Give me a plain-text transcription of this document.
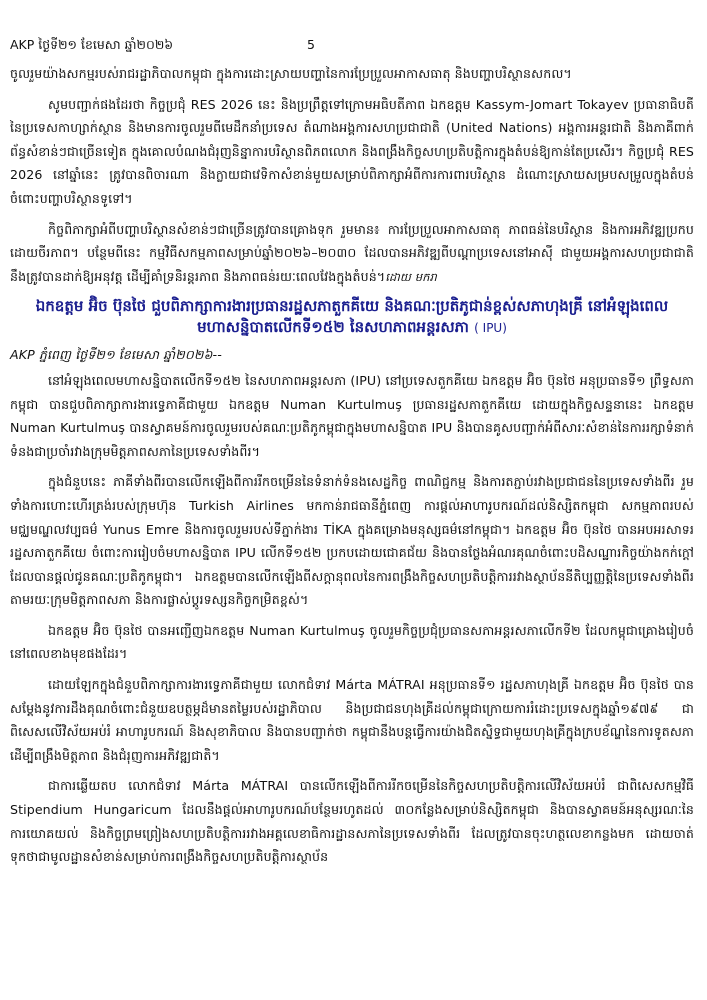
AKP ថ្ងៃទី២១ ខែមេសា ឆ្នាំ២០២៦	5

ចូលរួមយ៉ាងសកម្មរបស់រាជរដ្ឋាភិបាលកម្ពុជា ក្នុងការដោះស្រាយបញ្ហានៃការប្រែប្រួលអាកាសធាតុ និងបញ្ហាបរិស្ថានសកល។

សូមបញ្ជាក់ផងដែរថា កិច្ចប្រជុំ RES 2026 នេះ និងប្រព្រឹត្តទៅក្រោមអធិបតីភាព ឯកឧត្តម Kassym-Jomart Tokayev ប្រធានាធិបតីនៃប្រទេសកាហ្សាក់ស្ថាន និងមានការចូលរួមពីមេដឹកនាំប្រទេស តំណាងអង្គការសហប្រជាជាតិ (United Nations) អង្គការអន្តរជាតិ និងភាគីពាក់ព័ន្ធសំខាន់ៗជាច្រើនទៀត ក្នុងគោលបំណងជំរុញនិន្នាការបរិស្ថានពិភពលោក និងពង្រឹងកិច្ចសហប្រតិបត្តិការក្នុងតំបន់ឱ្យកាន់តែប្រសើរ។ កិច្ចប្រជុំ RES 2026 នៅឆ្នាំនេះ ត្រូវបានពិចារណា និងក្លាយជាវេទិកាសំខាន់មួយសម្រាប់ពិភាក្សាអំពីការការពារបរិស្ថាន ដំណោះស្រាយសម្របសម្រួលក្នុងតំបន់ ចំពោះបញ្ហាបរិស្ថានទូទៅ។

កិច្ចពិភាក្សាអំពីបញ្ហាបរិស្ថានសំខាន់ៗជាច្រើនត្រូវបានគ្រោងទុក រួមមាន៖ ការប្រែប្រួលអាកាសធាតុ ភាពធន់នៃបរិស្ថាន និងការអភិវឌ្ឍប្រកបដោយចីរភាព។ បន្ថែមពីនេះ កម្មវិធីសកម្មភាពសម្រាប់ឆ្នាំ២០២៦–២០៣០ ដែលបានអភិវឌ្ឍពីបណ្តាប្រទេសនៅអាស៊ី ជាមួយអង្គការសហប្រជាជាតិនឹងត្រូវបានដាក់ឱ្យអនុវត្ត ដើម្បីគាំទ្រនិរន្តរភាព និងភាពធន់រយៈពេលវែងក្នុងតំបន់។ដោយ មករា

ឯកឧត្តម អ៊ិច ប៊ុនថៃ ជួបពិភាក្សាការងារប្រធានរដ្ឋសភាតួកគីយេ និងគណៈប្រតិភូជាន់ខ្ពស់សភាហុងគ្រី នៅអំឡុងពេលមហាសន្និបាតលើកទី១៥២ នៃសហភាពអន្តរសភា ( IPU)

AKP ភ្នំពេញ ថ្ងៃទី២១ ខែមេសា ឆ្នាំ២០២៦--

នៅអំឡុងពេលមហាសន្និបាតលើកទី១៥២ នៃសហភាពអន្តរសភា (IPU) នៅប្រទេសតួកគីយេ ឯកឧត្តម អ៊ិច ប៊ុនថៃ អនុប្រធានទី១ ព្រឹទ្ធសភាកម្ពុជា បានជួបពិភាក្សាការងារទ្វេភាគីជាមួយ ឯកឧត្តម Numan Kurtulmuş ប្រធានរដ្ឋសភាតួកគីយេ ដោយក្នុងកិច្ចសន្ទនានេះ ឯកឧត្តម Numan Kurtulmuş បានស្វាគមន៍ការចូលរួមរបស់គណៈប្រតិភូកម្ពុជាក្នុងមហាសន្និបាត IPU និងបានគូសបញ្ជាក់អំពីសារៈសំខាន់នៃការរក្សាទំនាក់ទំនងជាប្រចាំរវាងក្រុមមិត្តភាពសភានៃប្រទេសទាំងពីរ។

ក្នុងជំនួបនេះ ភាគីទាំងពីរបានលើកឡើងពីការរីកចម្រើននៃទំនាក់ទំនងសេដ្ឋកិច្ច ពាណិជ្ជកម្ម និងការតភ្ជាប់រវាងប្រជាជននៃប្រទេសទាំងពីរ រួមទាំងការហោះហើរត្រង់របស់ក្រុមហ៊ុន Turkish Airlines មកកាន់រាជធានីភ្នំពេញ ការផ្ដល់អាហារូបករណ៍ដល់និស្សិតកម្ពុជា សកម្មភាពរបស់មជ្ឈមណ្ឌលវប្បធម៌ Yunus Emre និងការចូលរួមរបស់ទីភ្នាក់ងារ TİKA ក្នុងគម្រោងមនុស្សធម៌នៅកម្ពុជា។ ឯកឧត្តម អ៊ិច ប៊ុនថៃ បានអបអរសាទររដ្ឋសភាតួកគីយេ ចំពោះការរៀបចំមហាសន្និបាត IPU លើកទី១៥២ ប្រកបដោយជោគជ័យ និងបានថ្លែងអំណរគុណចំពោះបដិសណ្ឋារកិច្ចយ៉ាងកក់ក្ដៅដែលបានផ្ដល់ជូនគណៈប្រតិភូកម្ពុជា។ ឯកឧត្តមបានលើកឡើងពីសក្ដានុពលនៃការពង្រឹងកិច្ចសហប្រតិបត្តិការរវាងស្ថាប័ននីតិប្បញ្ញត្តិនៃប្រទេសទាំងពីរ តាមរយៈក្រុមមិត្តភាពសភា និងការផ្លាស់ប្ដូរទស្សនកិច្ចកម្រិតខ្ពស់។

ឯកឧត្តម អ៊ិច ប៊ុនថៃ បានអញ្ជើញឯកឧត្តម Numan Kurtulmuş ចូលរួមកិច្ចប្រជុំប្រធានសភាអន្តរសភាលើកទី២ ដែលកម្ពុជាគ្រោងរៀបចំនៅពេលខាងមុខផងដែរ។

ដោយឡែកក្នុងជំនួបពិភាក្សាការងារទ្វេភាគីជាមួយ លោកជំទាវ Márta MÁTRAI អនុប្រធានទី១ រដ្ឋសភាហុងគ្រី ឯកឧត្តម អ៊ិច ប៊ុនថៃ បានសម្ដែងនូវការដឹងគុណចំពោះជំនួយឧបត្ថម្ភដ៏មានតម្លៃរបស់រដ្ឋាភិបាល និងប្រជាជនហុងគ្រីដល់កម្ពុជាក្រោយការរំដោះប្រទេសក្នុងឆ្នាំ១៩៧៩ ជាពិសេសលើវិស័យអប់រំ អាហារូបករណ៍ និងសុខាភិបាល និងបានបញ្ជាក់ថា កម្ពុជានឹងបន្តធ្វើការយ៉ាងជិតស្និទ្ធជាមួយហុងគ្រីក្នុងក្របខ័ណ្ឌនៃការទូតសភា ដើម្បីពង្រឹងមិត្តភាព និងជំរុញការអភិវឌ្ឍជាតិ។

ជាការឆ្លើយតប លោកជំទាវ Márta MÁTRAI បានលើកឡើងពីការរីកចម្រើននៃកិច្ចសហប្រតិបត្តិការលើវិស័យអប់រំ ជាពិសេសកម្មវិធី Stipendium Hungaricum ដែលនឹងផ្ដល់អាហារូបករណ៍បន្ថែមរហូតដល់ ៣០កន្លែងសម្រាប់និស្សិតកម្ពុជា និងបានស្វាគមន៍អនុស្សរណៈនៃការយោគយល់ និងកិច្ចព្រមព្រៀងសហប្រតិបត្តិការរវាងអគ្គលេខាធិការដ្ឋានសភានៃប្រទេសទាំងពីរ ដែលត្រូវបានចុះហត្ថលេខាកន្លងមក ដោយចាត់ទុកថាជាមូលដ្ឋានសំខាន់សម្រាប់ការពង្រឹងកិច្ចសហប្រតិបត្តិការស្ថាប័ន
